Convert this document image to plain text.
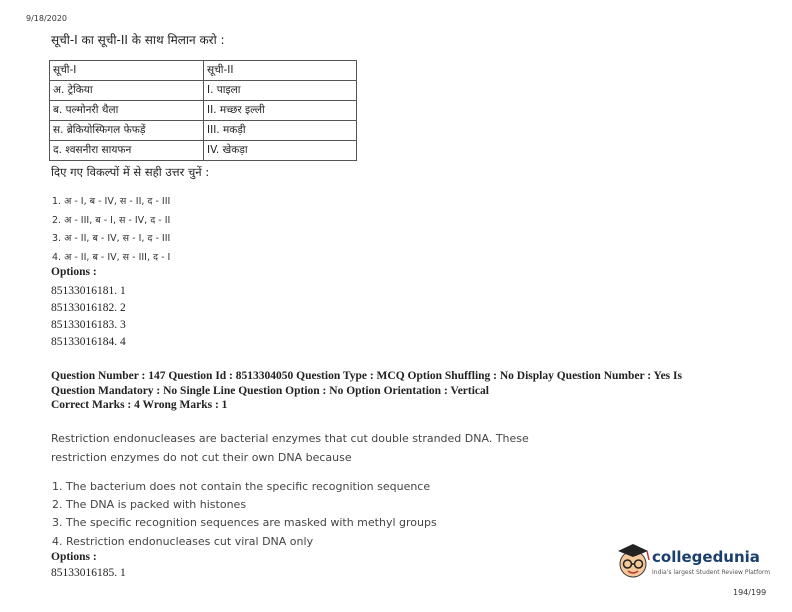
9/18/2020
सूची-I का सूची-II के साथ मिलान करो :
सूची-I	सूची-II
अ. ट्रेकिया	I. पाइला
ब. पल्मोनरी थैला	II. मच्छर इल्ली
स. ब्रेकियोस्फिगल फेफड़ें	III. मकड़ी
द. श्वसनीरा सायफन	IV. खेकड़ा
दिए गए विकल्पों में से सही उत्तर चुनें :
1. अ - I, ब - IV, स - II, द - III
2. अ - III, ब - I, स - IV, द - II
3. अ - II, ब - IV, स - I, द - III
4. अ - II, ब - IV, स - III, द - I
Options :
85133016181. 1
85133016182. 2
85133016183. 3
85133016184. 4
Question Number : 147 Question Id : 8513304050 Question Type : MCQ Option Shuffling : No Display Question Number : Yes Is
Question Mandatory : No Single Line Question Option : No Option Orientation : Vertical
Correct Marks : 4 Wrong Marks : 1
Restriction endonucleases are bacterial enzymes that cut double stranded DNA. These
restriction enzymes do not cut their own DNA because
1. The bacterium does not contain the specific recognition sequence
2. The DNA is packed with histones
3. The specific recognition sequences are masked with methyl groups
4. Restriction endonucleases cut viral DNA only
Options :
85133016185. 1
collegedunia
India's largest Student Review Platform
194/199
